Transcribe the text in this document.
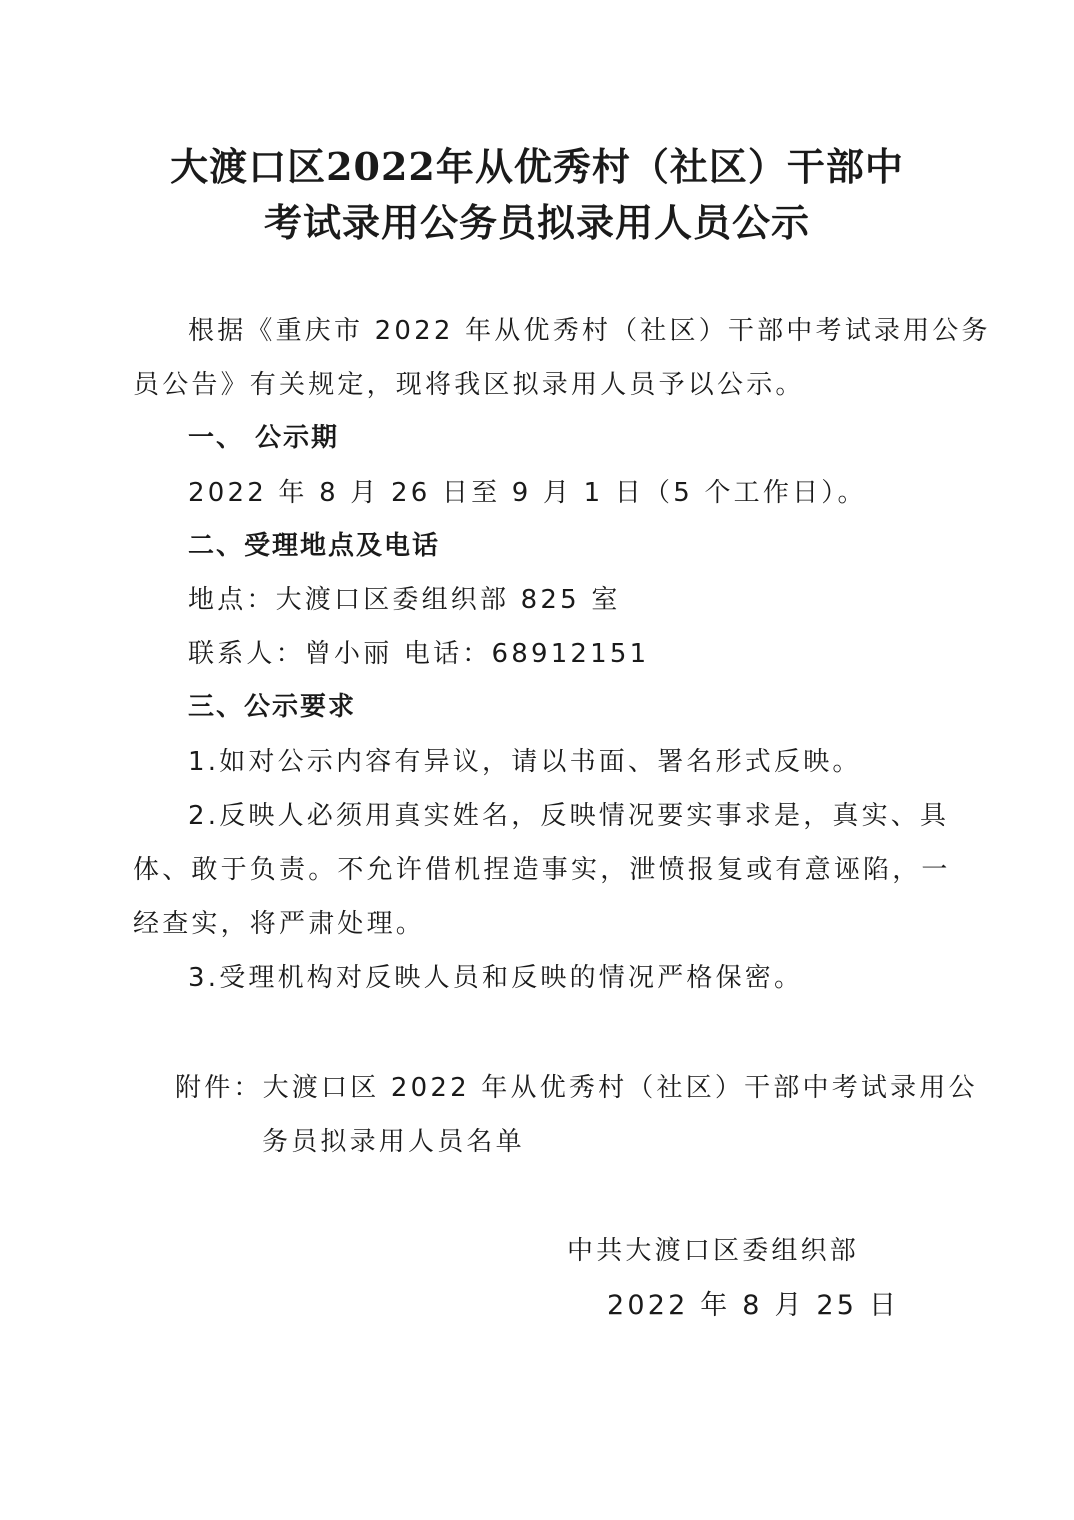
大渡口区2022年从优秀村（社区）干部中
考试录用公务员拟录用人员公示
根据《重庆市 2022 年从优秀村（社区）干部中考试录用公务
员公告》有关规定，现将我区拟录用人员予以公示。
一、 公示期
2022 年 8 月 26 日至 9 月 1 日（5 个工作日）。
二、受理地点及电话
地点：大渡口区委组织部 825 室
联系人：曾小丽 电话：68912151
三、公示要求
1.如对公示内容有异议，请以书面、署名形式反映。
2.反映人必须用真实姓名，反映情况要实事求是，真实、具
体、敢于负责。不允许借机捏造事实，泄愤报复或有意诬陷，一
经查实，将严肃处理。
3.受理机构对反映人员和反映的情况严格保密。
附件：大渡口区 2022 年从优秀村（社区）干部中考试录用公
务员拟录用人员名单
中共大渡口区委组织部
2022 年 8 月 25 日
